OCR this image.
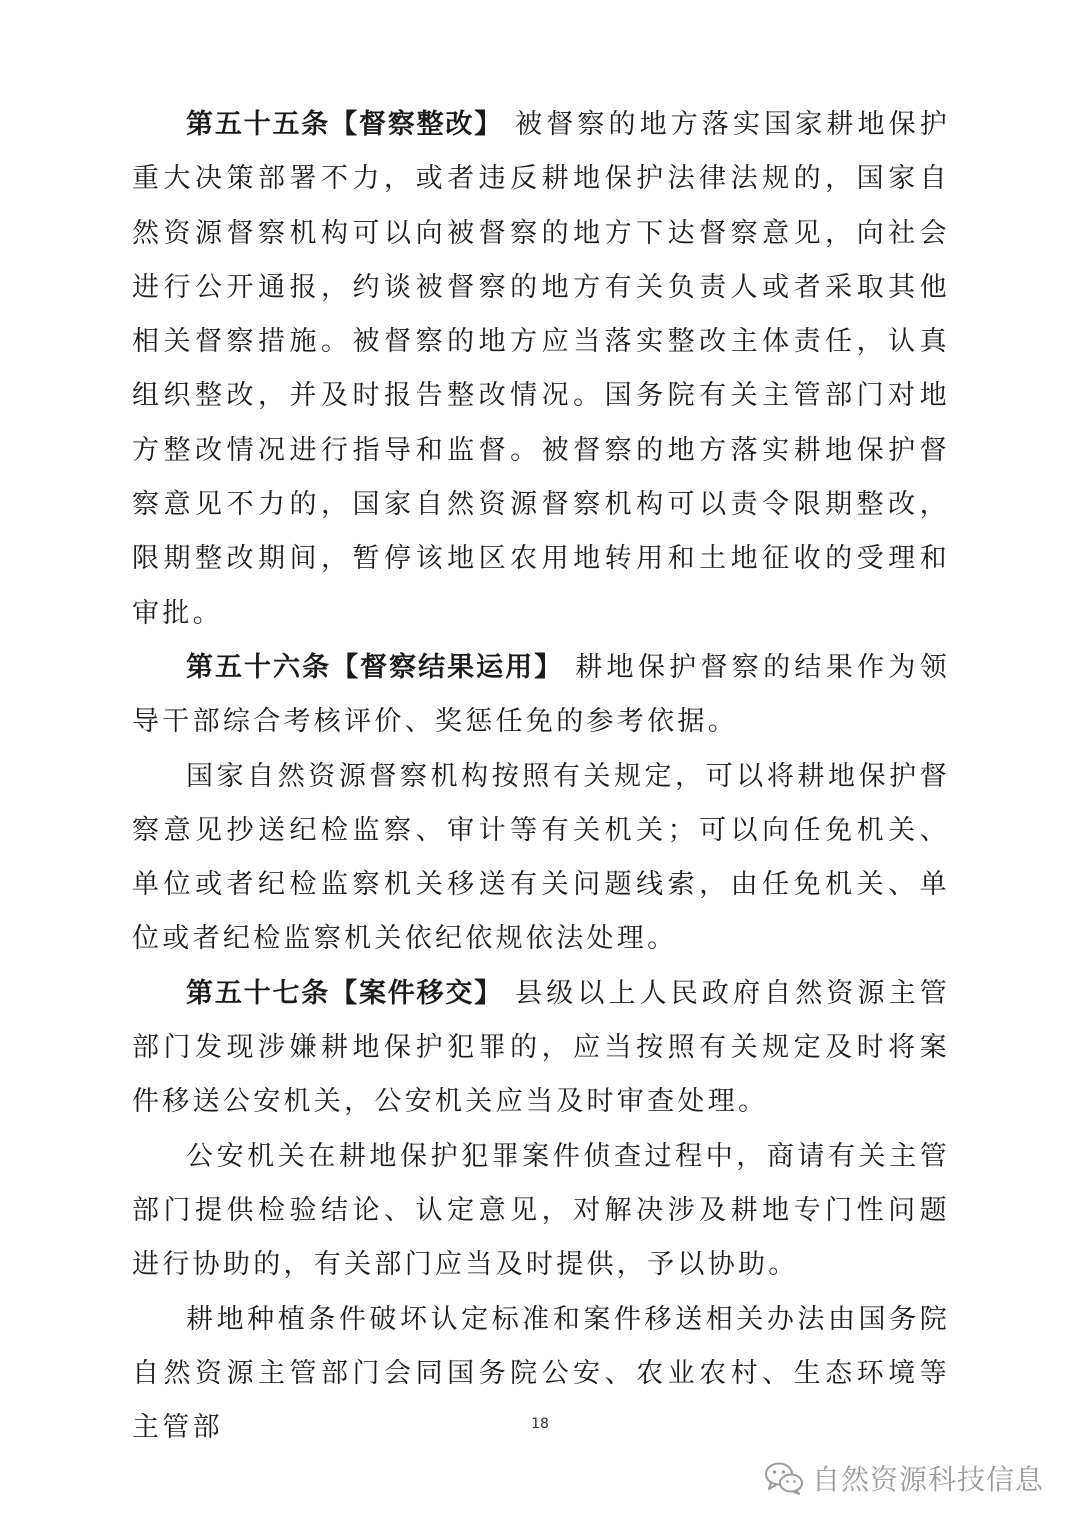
第五十五条【督察整改】 被督察的地方落实国家耕地保护重大决策部署不力，或者违反耕地保护法律法规的，国家自然资源督察机构可以向被督察的地方下达督察意见，向社会进行公开通报，约谈被督察的地方有关负责人或者采取其他相关督察措施。被督察的地方应当落实整改主体责任，认真组织整改，并及时报告整改情况。国务院有关主管部门对地方整改情况进行指导和监督。被督察的地方落实耕地保护督察意见不力的，国家自然资源督察机构可以责令限期整改，限期整改期间，暂停该地区农用地转用和土地征收的受理和审批。

第五十六条【督察结果运用】 耕地保护督察的结果作为领导干部综合考核评价、奖惩任免的参考依据。

国家自然资源督察机构按照有关规定，可以将耕地保护督察意见抄送纪检监察、审计等有关机关；可以向任免机关、单位或者纪检监察机关移送有关问题线索，由任免机关、单位或者纪检监察机关依纪依规依法处理。

第五十七条【案件移交】 县级以上人民政府自然资源主管部门发现涉嫌耕地保护犯罪的，应当按照有关规定及时将案件移送公安机关，公安机关应当及时审查处理。

公安机关在耕地保护犯罪案件侦查过程中，商请有关主管部门提供检验结论、认定意见，对解决涉及耕地专门性问题进行协助的，有关部门应当及时提供，予以协助。

耕地种植条件破坏认定标准和案件移送相关办法由国务院自然资源主管部门会同国务院公安、农业农村、生态环境等主管部	18
自然资源科技信息
